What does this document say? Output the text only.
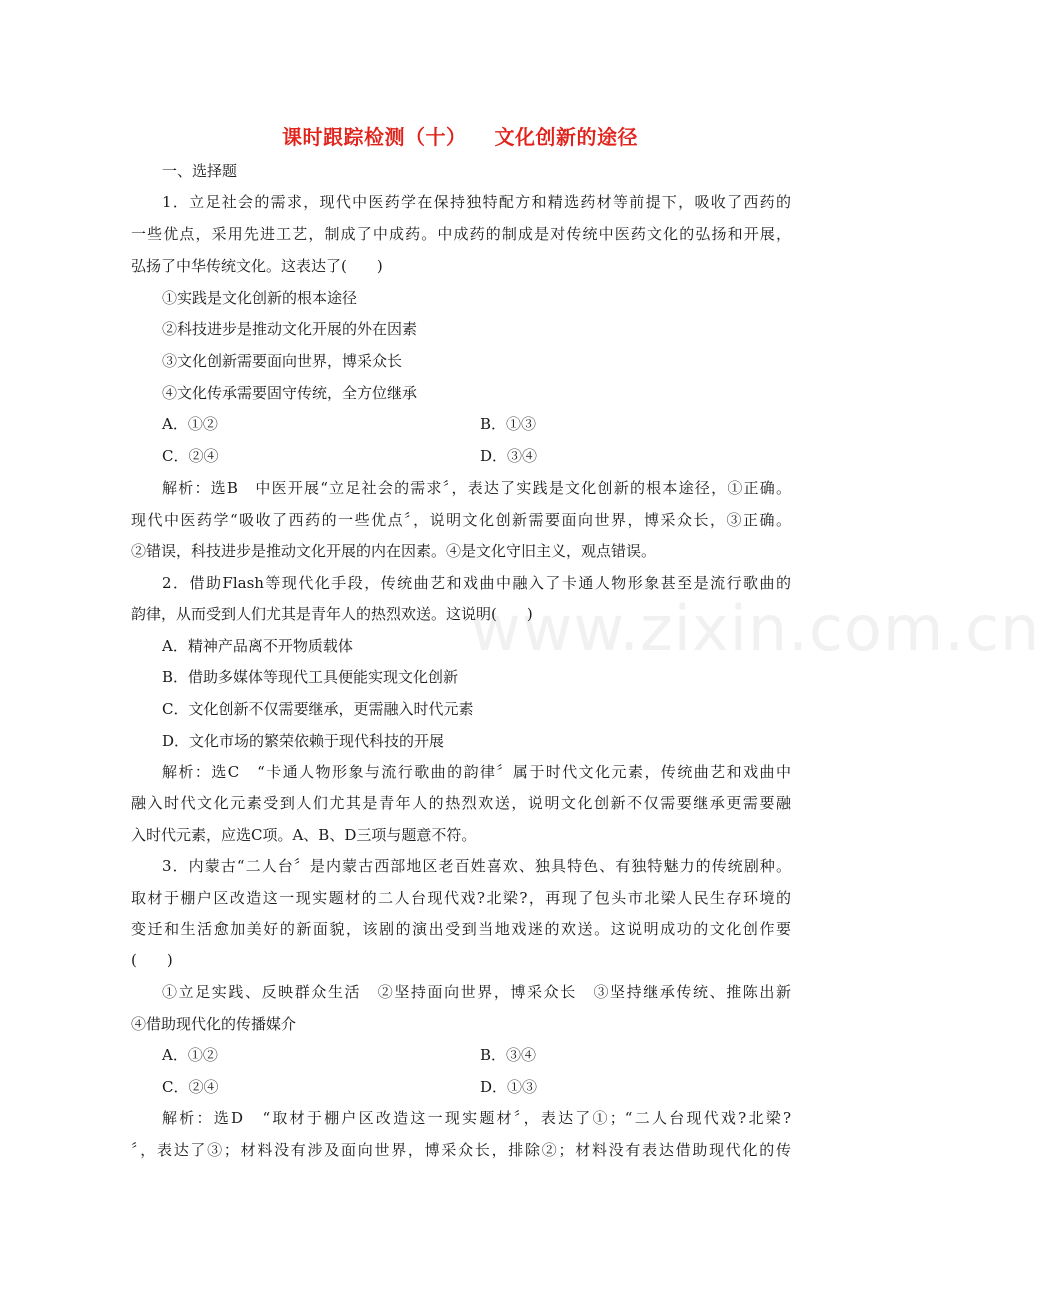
课时跟踪检测（十） 文化创新的途径
一、选择题
1．立足社会的需求，现代中医药学在保持独特配方和精选药材等前提下，吸收了西药的
一些优点，采用先进工艺，制成了中成药。中成药的制成是对传统中医药文化的弘扬和开展，
弘扬了中华传统文化。这表达了(　　)
①实践是文化创新的根本途径
②科技进步是推动文化开展的外在因素
③文化创新需要面向世界，博采众长
④文化传承需要固守传统，全方位继承
A．①②	B．①③
C．②④	D．③④
解析：选B　中医开展“立足社会的需求〞，表达了实践是文化创新的根本途径，①正确。
现代中医药学“吸收了西药的一些优点〞，说明文化创新需要面向世界，博采众长，③正确。
②错误，科技进步是推动文化开展的内在因素。④是文化守旧主义，观点错误。
2．借助Flash等现代化手段，传统曲艺和戏曲中融入了卡通人物形象甚至是流行歌曲的
韵律，从而受到人们尤其是青年人的热烈欢送。这说明(　　)
A．精神产品离不开物质载体
B．借助多媒体等现代工具便能实现文化创新
C．文化创新不仅需要继承，更需融入时代元素
D．文化市场的繁荣依赖于现代科技的开展
解析：选C　“卡通人物形象与流行歌曲的韵律〞属于时代文化元素，传统曲艺和戏曲中
融入时代文化元素受到人们尤其是青年人的热烈欢送，说明文化创新不仅需要继承更需要融
入时代元素，应选C项。A、B、D三项与题意不符。
3．内蒙古“二人台〞是内蒙古西部地区老百姓喜欢、独具特色、有独特魅力的传统剧种。
取材于棚户区改造这一现实题材的二人台现代戏?北梁?，再现了包头市北梁人民生存环境的
变迁和生活愈加美好的新面貌，该剧的演出受到当地戏迷的欢送。这说明成功的文化创作要
(　　)
①立足实践、反映群众生活　②坚持面向世界，博采众长　③坚持继承传统、推陈出新
④借助现代化的传播媒介
A．①②	B．③④
C．②④	D．①③
解析：选D　“取材于棚户区改造这一现实题材〞，表达了①；“二人台现代戏?北梁?
〞，表达了③；材料没有涉及面向世界，博采众长，排除②；材料没有表达借助现代化的传
www.zixin.com.cn
